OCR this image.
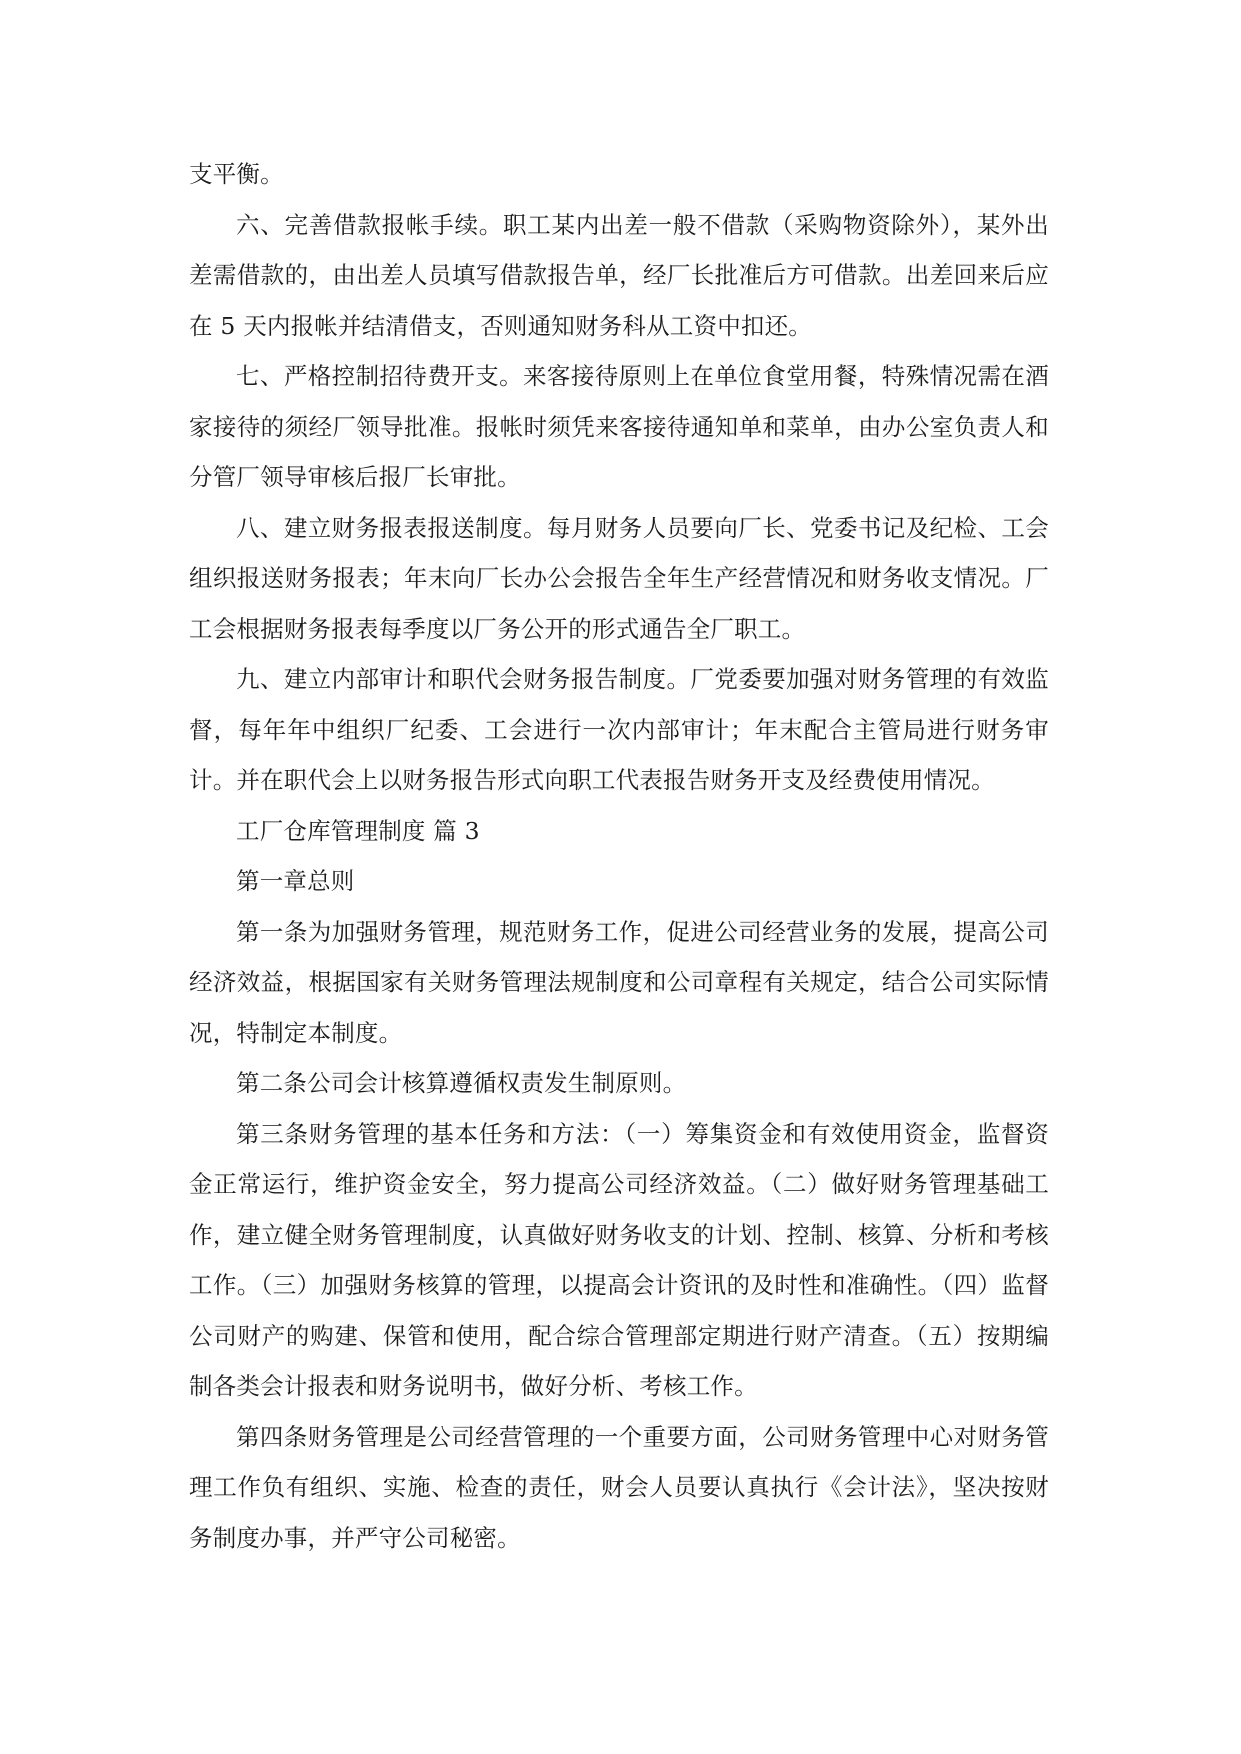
支平衡。

六、完善借款报帐手续。职工某内出差一般不借款（采购物资除外），某外出差需借款的，由出差人员填写借款报告单，经厂长批准后方可借款。出差回来后应在 5 天内报帐并结清借支，否则通知财务科从工资中扣还。

七、严格控制招待费开支。来客接待原则上在单位食堂用餐，特殊情况需在酒家接待的须经厂领导批准。报帐时须凭来客接待通知单和菜单，由办公室负责人和分管厂领导审核后报厂长审批。

八、建立财务报表报送制度。每月财务人员要向厂长、党委书记及纪检、工会组织报送财务报表；年末向厂长办公会报告全年生产经营情况和财务收支情况。厂工会根据财务报表每季度以厂务公开的形式通告全厂职工。

九、建立内部审计和职代会财务报告制度。厂党委要加强对财务管理的有效监督，每年年中组织厂纪委、工会进行一次内部审计；年末配合主管局进行财务审计。并在职代会上以财务报告形式向职工代表报告财务开支及经费使用情况。

工厂仓库管理制度 篇 3

第一章总则

第一条为加强财务管理，规范财务工作，促进公司经营业务的发展，提高公司经济效益，根据国家有关财务管理法规制度和公司章程有关规定，结合公司实际情况，特制定本制度。

第二条公司会计核算遵循权责发生制原则。

第三条财务管理的基本任务和方法：（一）筹集资金和有效使用资金，监督资金正常运行，维护资金安全，努力提高公司经济效益。（二）做好财务管理基础工作，建立健全财务管理制度，认真做好财务收支的计划、控制、核算、分析和考核工作。（三）加强财务核算的管理，以提高会计资讯的及时性和准确性。（四）监督公司财产的购建、保管和使用，配合综合管理部定期进行财产清查。（五）按期编制各类会计报表和财务说明书，做好分析、考核工作。

第四条财务管理是公司经营管理的一个重要方面，公司财务管理中心对财务管理工作负有组织、实施、检查的责任，财会人员要认真执行《会计法》，坚决按财务制度办事，并严守公司秘密。
